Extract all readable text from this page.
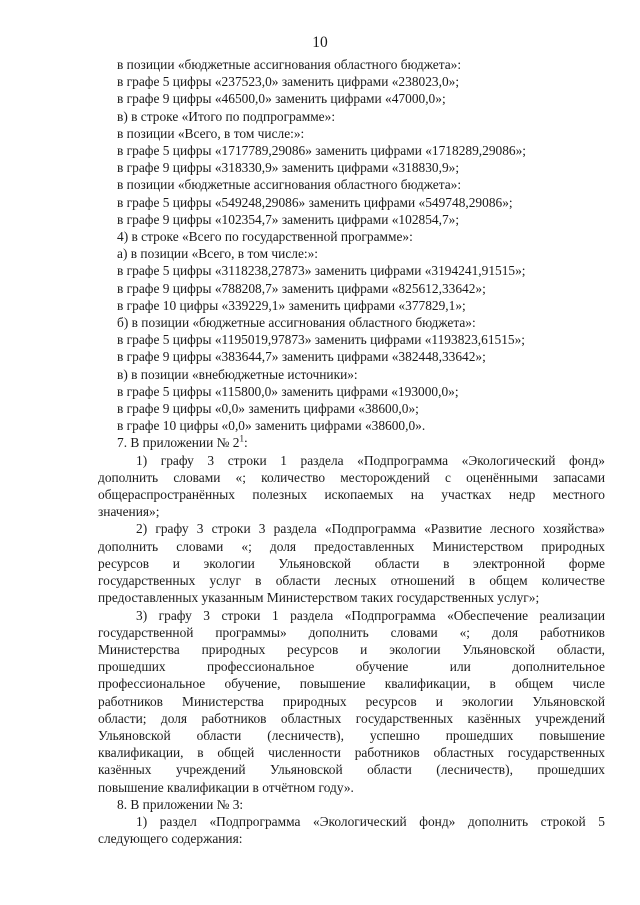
10
в позиции «бюджетные ассигнования областного бюджета»:
в графе 5 цифры «237523,0» заменить цифрами «238023,0»;
в графе 9 цифры «46500,0» заменить цифрами «47000,0»;
в) в строке «Итого по подпрограмме»:
в позиции «Всего, в том числе:»:
в графе 5 цифры «1717789,29086» заменить цифрами «1718289,29086»;
в графе 9 цифры «318330,9» заменить цифрами «318830,9»;
в позиции «бюджетные ассигнования областного бюджета»:
в графе 5 цифры «549248,29086» заменить цифрами «549748,29086»;
в графе 9 цифры «102354,7» заменить цифрами «102854,7»;
4) в строке «Всего по государственной программе»:
а) в позиции «Всего, в том числе:»:
в графе 5 цифры «3118238,27873» заменить цифрами «3194241,91515»;
в графе 9 цифры «788208,7» заменить цифрами «825612,33642»;
в графе 10 цифры «339229,1» заменить цифрами «377829,1»;
б) в позиции «бюджетные ассигнования областного бюджета»:
в графе 5 цифры «1195019,97873» заменить цифрами «1193823,61515»;
в графе 9 цифры «383644,7» заменить цифрами «382448,33642»;
в) в позиции «внебюджетные источники»:
в графе 5 цифры «115800,0» заменить цифрами «193000,0»;
в графе 9 цифры «0,0» заменить цифрами «38600,0»;
в графе 10 цифры «0,0» заменить цифрами «38600,0».
7. В приложении № $2^1$:
1) графу 3 строки 1 раздела «Подпрограмма «Экологический фонд»
дополнить словами «; количество месторождений с оценёнными запасами
общераспространённых полезных ископаемых на участках недр местного
значения»;
2) графу 3 строки 3 раздела «Подпрограмма «Развитие лесного хозяйства»
дополнить словами «; доля предоставленных Министерством природных
ресурсов и экологии Ульяновской области в электронной форме
государственных услуг в области лесных отношений в общем количестве
предоставленных указанным Министерством таких государственных услуг»;
3) графу 3 строки 1 раздела «Подпрограмма «Обеспечение реализации
государственной программы» дополнить словами «; доля работников
Министерства природных ресурсов и экологии Ульяновской области,
прошедших профессиональное обучение или дополнительное
профессиональное обучение, повышение квалификации, в общем числе
работников Министерства природных ресурсов и экологии Ульяновской
области; доля работников областных государственных казённых учреждений
Ульяновской области (лесничеств), успешно прошедших повышение
квалификации, в общей численности работников областных государственных
казённых учреждений Ульяновской области (лесничеств), прошедших
повышение квалификации в отчётном году».
8. В приложении № 3:
1) раздел «Подпрограмма «Экологический фонд» дополнить строкой 5
следующего содержания:
